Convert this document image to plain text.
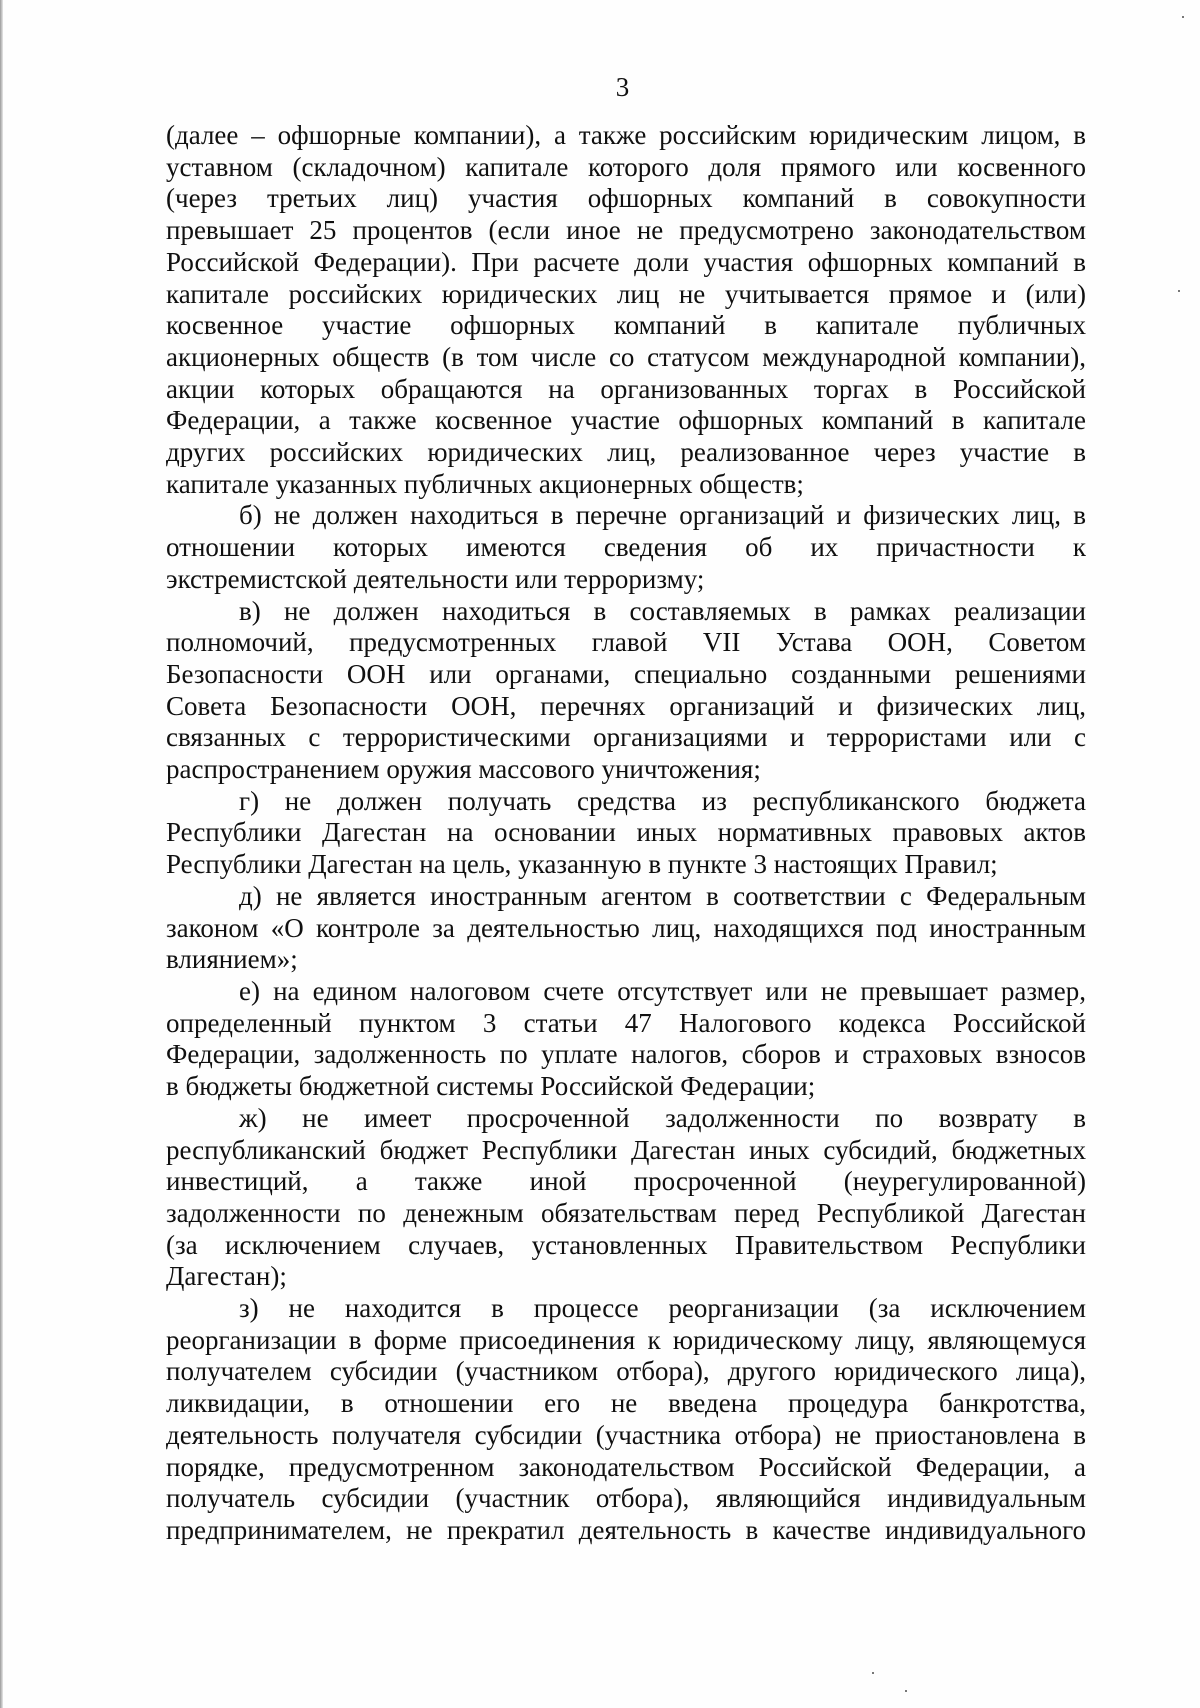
3
(далее – офшорные компании), а также российским юридическим лицом, в
уставном (складочном) капитале которого доля прямого или косвенного
(через третьих лиц) участия офшорных компаний в совокупности
превышает 25 процентов (если иное не предусмотрено законодательством
Российской Федерации). При расчете доли участия офшорных компаний в
капитале российских юридических лиц не учитывается прямое и (или)
косвенное участие офшорных компаний в капитале публичных
акционерных обществ (в том числе со статусом международной компании),
акции которых обращаются на организованных торгах в Российской
Федерации, а также косвенное участие офшорных компаний в капитале
других российских юридических лиц, реализованное через участие в
капитале указанных публичных акционерных обществ;
б) не должен находиться в перечне организаций и физических лиц, в
отношении которых имеются сведения об их причастности к
экстремистской деятельности или терроризму;
в) не должен находиться в составляемых в рамках реализации
полномочий, предусмотренных главой VII Устава ООН, Советом
Безопасности ООН или органами, специально созданными решениями
Совета Безопасности ООН, перечнях организаций и физических лиц,
связанных с террористическими организациями и террористами или с
распространением оружия массового уничтожения;
г) не должен получать средства из республиканского бюджета
Республики Дагестан на основании иных нормативных правовых актов
Республики Дагестан на цель, указанную в пункте 3 настоящих Правил;
д) не является иностранным агентом в соответствии с Федеральным
законом «О контроле за деятельностью лиц, находящихся под иностранным
влиянием»;
е) на едином налоговом счете отсутствует или не превышает размер,
определенный пунктом 3 статьи 47 Налогового кодекса Российской
Федерации, задолженность по уплате налогов, сборов и страховых взносов
в бюджеты бюджетной системы Российской Федерации;
ж) не имеет просроченной задолженности по возврату в
республиканский бюджет Республики Дагестан иных субсидий, бюджетных
инвестиций, а также иной просроченной (неурегулированной)
задолженности по денежным обязательствам перед Республикой Дагестан
(за исключением случаев, установленных Правительством Республики
Дагестан);
з) не находится в процессе реорганизации (за исключением
реорганизации в форме присоединения к юридическому лицу, являющемуся
получателем субсидии (участником отбора), другого юридического лица),
ликвидации, в отношении его не введена процедура банкротства,
деятельность получателя субсидии (участника отбора) не приостановлена в
порядке, предусмотренном законодательством Российской Федерации, а
получатель субсидии (участник отбора), являющийся индивидуальным
предпринимателем, не прекратил деятельность в качестве индивидуального
